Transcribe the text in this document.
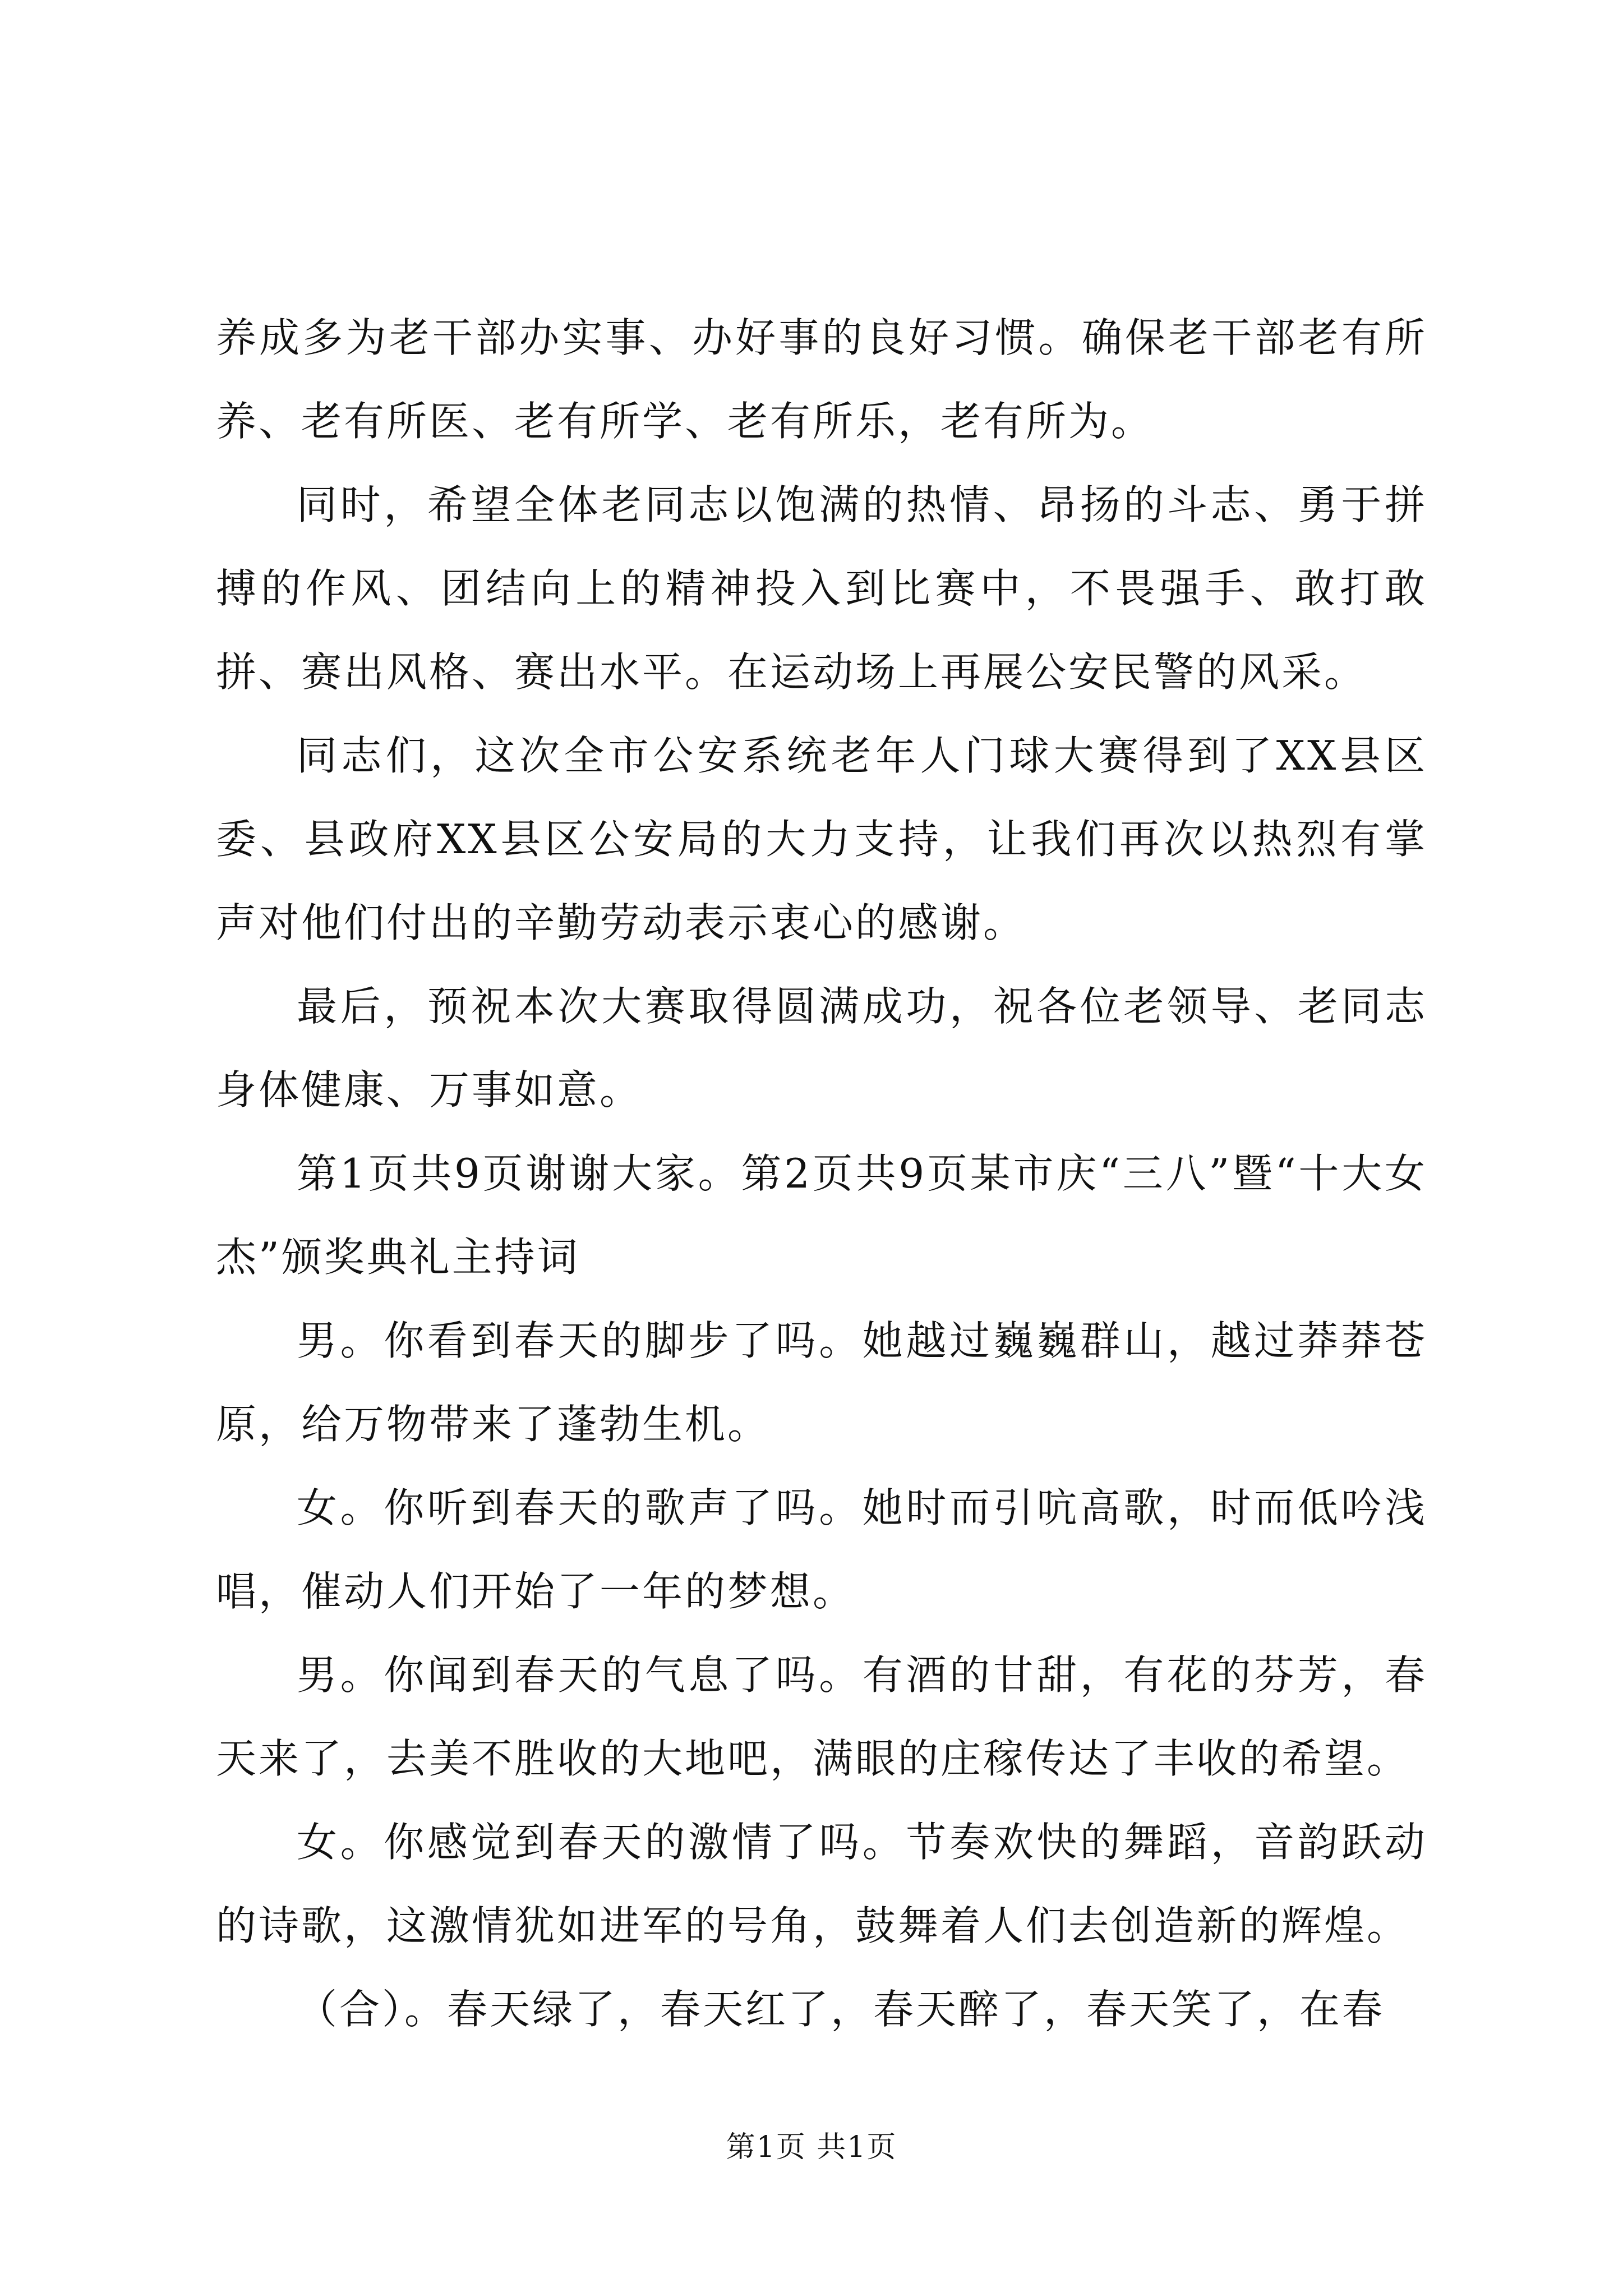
养成多为老干部办实事、办好事的良好习惯。确保老干部老有所养、老有所医、老有所学、老有所乐，老有所为。

同时，希望全体老同志以饱满的热情、昂扬的斗志、勇于拼搏的作风、团结向上的精神投入到比赛中，不畏强手、敢打敢拼、赛出风格、赛出水平。在运动场上再展公安民警的风采。

同志们，这次全市公安系统老年人门球大赛得到了XX县区委、县政府XX县区公安局的大力支持，让我们再次以热烈有掌声对他们付出的辛勤劳动表示衷心的感谢。

最后，预祝本次大赛取得圆满成功，祝各位老领导、老同志身体健康、万事如意。

第1页共9页谢谢大家。第2页共9页某市庆“三八”暨“十大女杰”颁奖典礼主持词

男。你看到春天的脚步了吗。她越过巍巍群山，越过莽莽苍原，给万物带来了蓬勃生机。

女。你听到春天的歌声了吗。她时而引吭高歌，时而低吟浅唱，催动人们开始了一年的梦想。

男。你闻到春天的气息了吗。有酒的甘甜，有花的芬芳，春天来了，去美不胜收的大地吧，满眼的庄稼传达了丰收的希望。

女。你感觉到春天的激情了吗。节奏欢快的舞蹈，音韵跃动的诗歌，这激情犹如进军的号角，鼓舞着人们去创造新的辉煌。

（合）。春天绿了，春天红了，春天醉了，春天笑了，在春

第1页 共1页
